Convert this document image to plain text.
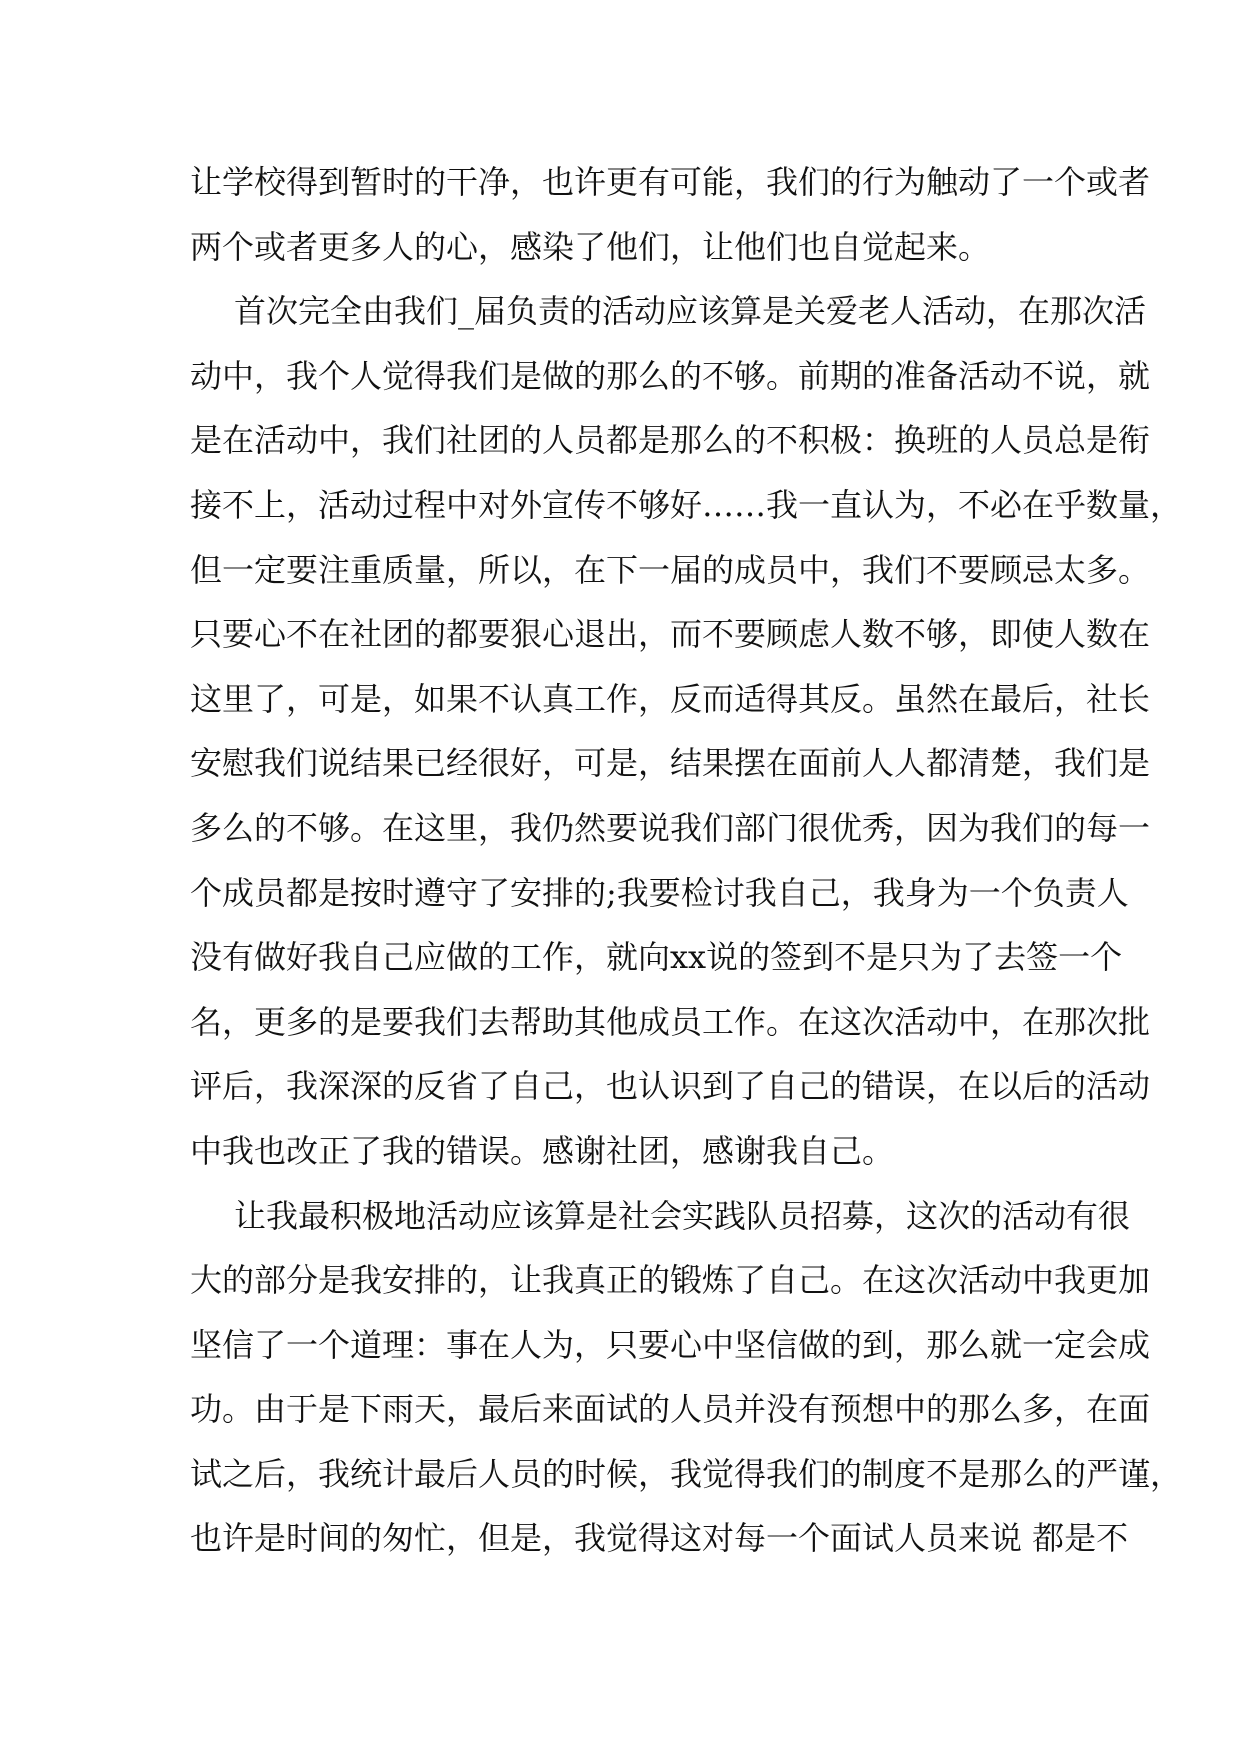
让学校得到暂时的干净，也许更有可能，我们的行为触动了一个或者
两个或者更多人的心，感染了他们，让他们也自觉起来。
首次完全由我们_届负责的活动应该算是关爱老人活动，在那次活
动中，我个人觉得我们是做的那么的不够。前期的准备活动不说，就
是在活动中，我们社团的人员都是那么的不积极：换班的人员总是衔
接不上，活动过程中对外宣传不够好……我一直认为，不必在乎数量，
但一定要注重质量，所以，在下一届的成员中，我们不要顾忌太多。
只要心不在社团的都要狠心退出，而不要顾虑人数不够，即使人数在
这里了，可是，如果不认真工作，反而适得其反。虽然在最后，社长
安慰我们说结果已经很好，可是，结果摆在面前人人都清楚，我们是
多么的不够。在这里，我仍然要说我们部门很优秀，因为我们的每一
个成员都是按时遵守了安排的;我要检讨我自己，我身为一个负责人
没有做好我自己应做的工作，就向xx说的签到不是只为了去签一个
名，更多的是要我们去帮助其他成员工作。在这次活动中，在那次批
评后，我深深的反省了自己，也认识到了自己的错误，在以后的活动
中我也改正了我的错误。感谢社团，感谢我自己。
让我最积极地活动应该算是社会实践队员招募，这次的活动有很
大的部分是我安排的，让我真正的锻炼了自己。在这次活动中我更加
坚信了一个道理：事在人为，只要心中坚信做的到，那么就一定会成
功。由于是下雨天，最后来面试的人员并没有预想中的那么多，在面
试之后，我统计最后人员的时候，我觉得我们的制度不是那么的严谨，
也许是时间的匆忙，但是，我觉得这对每一个面试人员来说 都是不
